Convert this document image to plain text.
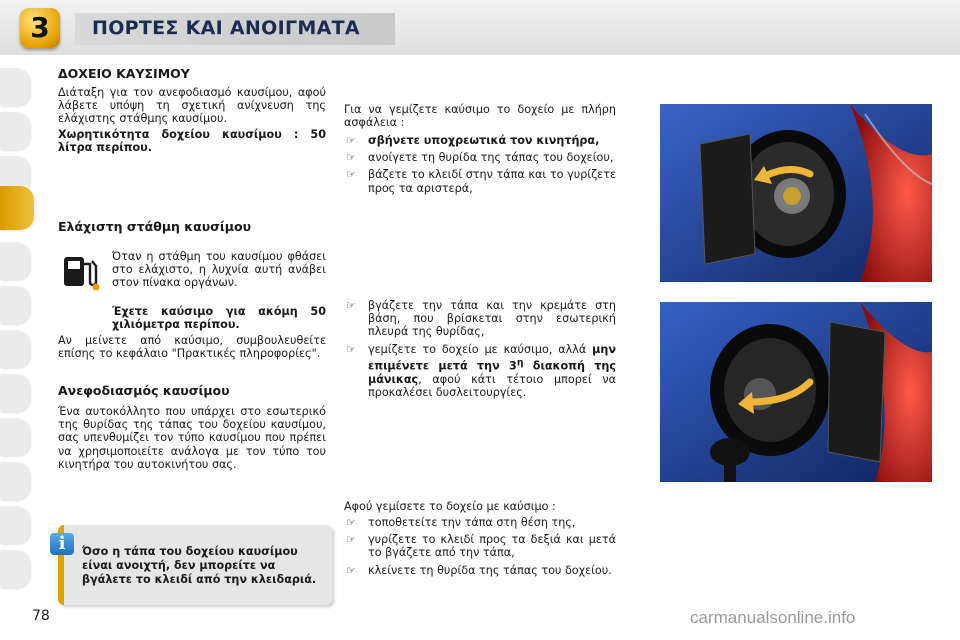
3	ΠΟΡΤΕΣ ΚΑΙ ΑΝΟΙΓΜΑΤΑ
ΔΟΧΕΙΟ ΚΑΥΣΙΜΟΥ
Διάταξη για τον ανεφοδιασμό καυσίμου, αφού λάβετε υπόψη τη σχετική ανίχνευση της ελάχιστης στάθμης καυσίμου.
Χωρητικότητα δοχείου καυσίμου : 50 λίτρα περίπου.
Ελάχιστη στάθμη καυσίμου
Όταν η στάθμη του καυσίμου φθάσει στο ελάχιστο, η λυχνία αυτή ανάβει στον πίνακα οργάνων.
Έχετε καύσιμο για ακόμη 50 χιλιόμετρα περίπου.
Αν μείνετε από καύσιμο, συμβουλευθείτε επίσης το κεφάλαιο "Πρακτικές πληροφορίες".
Ανεφοδιασμός καυσίμου
Ένα αυτοκόλλητο που υπάρχει στο εσωτερικό της θυρίδας της τάπας του δοχείου καυσίμου, σας υπενθυμίζει τον τύπο καυσίμου που πρέπει να χρησιμοποιείτε ανάλογα με τον τύπο του κινητήρα του αυτοκινήτου σας.
i	Όσο η τάπα του δοχείου καυσίμου είναι ανοιχτή, δεν μπορείτε να βγάλετε το κλειδί από την κλειδαριά.
Για να γεμίζετε καύσιμο το δοχείο με πλήρη ασφάλεια :
☞ σβήνετε υποχρεωτικά τον κινητήρα,
☞ ανοίγετε τη θυρίδα της τάπας του δοχείου,
☞ βάζετε το κλειδί στην τάπα και το γυρίζετε προς τα αριστερά,
☞ βγάζετε την τάπα και την κρεμάτε στη βάση, που βρίσκεται στην εσωτερική πλευρά της θυρίδας,
☞ γεμίζετε το δοχείο με καύσιμο, αλλά μην επιμένετε μετά την $3^\eta$ διακοπή της μάνικας, αφού κάτι τέτοιο μπορεί να προκαλέσει δυσλειτουργίες.
Αφού γεμίσετε το δοχείο με καύσιμο :
☞ τοποθετείτε την τάπα στη θέση της,
☞ γυρίζετε το κλειδί προς τα δεξιά και μετά το βγάζετε από την τάπα,
☞ κλείνετε τη θυρίδα της τάπας του δοχείου.
78	carmanualsonline.info
